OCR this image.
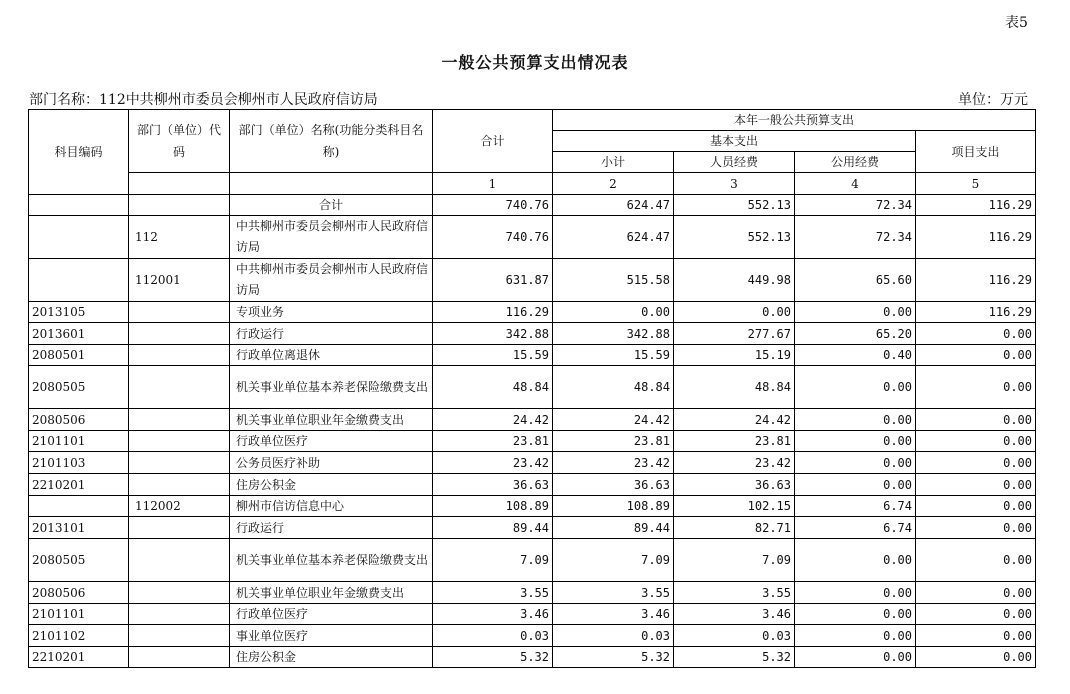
表5
一般公共预算支出情况表
部门名称：112中共柳州市委员会柳州市人民政府信访局	单位：万元
科目编码	部门（单位）代码	部门（单位）名称(功能分类科目名称)	合计	本年一般公共预算支出			
				基本支出			项目支出
				小计	人员经费	公用经费	
			1	2	3	4	5
		合计	740.76	624.47	552.13	72.34	116.29
	112	中共柳州市委员会柳州市人民政府信访局	740.76	624.47	552.13	72.34	116.29
	112001	中共柳州市委员会柳州市人民政府信访局	631.87	515.58	449.98	65.60	116.29
2013105		专项业务	116.29	0.00	0.00	0.00	116.29
2013601		行政运行	342.88	342.88	277.67	65.20	0.00
2080501		行政单位离退休	15.59	15.59	15.19	0.40	0.00
2080505		机关事业单位基本养老保险缴费支出	48.84	48.84	48.84	0.00	0.00
2080506		机关事业单位职业年金缴费支出	24.42	24.42	24.42	0.00	0.00
2101101		行政单位医疗	23.81	23.81	23.81	0.00	0.00
2101103		公务员医疗补助	23.42	23.42	23.42	0.00	0.00
2210201		住房公积金	36.63	36.63	36.63	0.00	0.00
	112002	柳州市信访信息中心	108.89	108.89	102.15	6.74	0.00
2013101		行政运行	89.44	89.44	82.71	6.74	0.00
2080505		机关事业单位基本养老保险缴费支出	7.09	7.09	7.09	0.00	0.00
2080506		机关事业单位职业年金缴费支出	3.55	3.55	3.55	0.00	0.00
2101101		行政单位医疗	3.46	3.46	3.46	0.00	0.00
2101102		事业单位医疗	0.03	0.03	0.03	0.00	0.00
2210201		住房公积金	5.32	5.32	5.32	0.00	0.00
